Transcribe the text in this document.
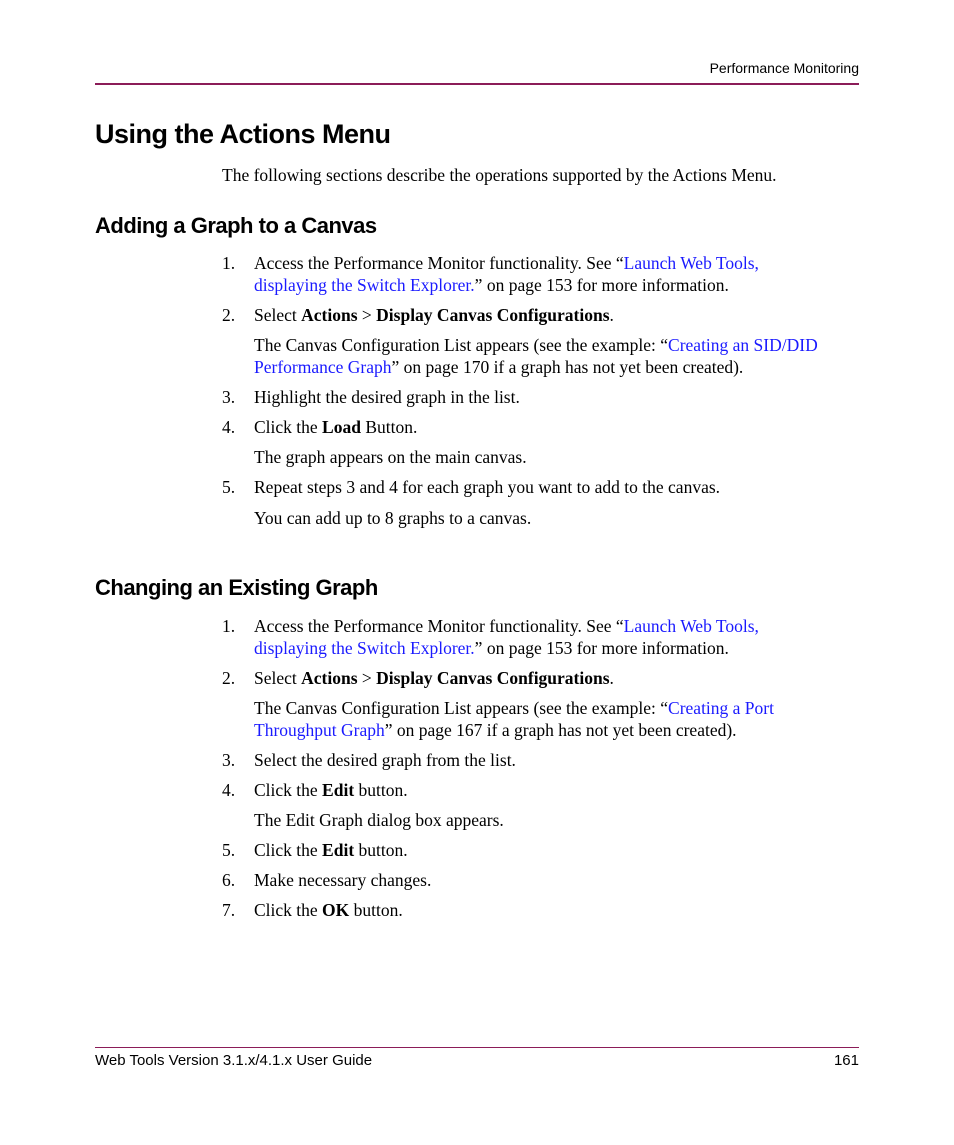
Performance Monitoring
Using the Actions Menu

The following sections describe the operations supported by the Actions Menu.

Adding a Graph to a Canvas
1. Access the Performance Monitor functionality. See “Launch Web Tools, displaying the Switch Explorer.” on page 153 for more information.
2. Select Actions > Display Canvas Configurations.

The Canvas Configuration List appears (see the example: “Creating an SID/DID Performance Graph” on page 170 if a graph has not yet been created).

3. Highlight the desired graph in the list.
4. Click the Load Button.

The graph appears on the main canvas.

5. Repeat steps 3 and 4 for each graph you want to add to the canvas.

You can add up to 8 graphs to a canvas.

Changing an Existing Graph
1. Access the Performance Monitor functionality. See “Launch Web Tools, displaying the Switch Explorer.” on page 153 for more information.
2. Select Actions > Display Canvas Configurations.

The Canvas Configuration List appears (see the example: “Creating a Port Throughput Graph” on page 167 if a graph has not yet been created).

3. Select the desired graph from the list.
4. Click the Edit button.

The Edit Graph dialog box appears.

5. Click the Edit button.
6. Make necessary changes.
7. Click the OK button.
Web Tools Version 3.1.x/4.1.x User Guide	161
